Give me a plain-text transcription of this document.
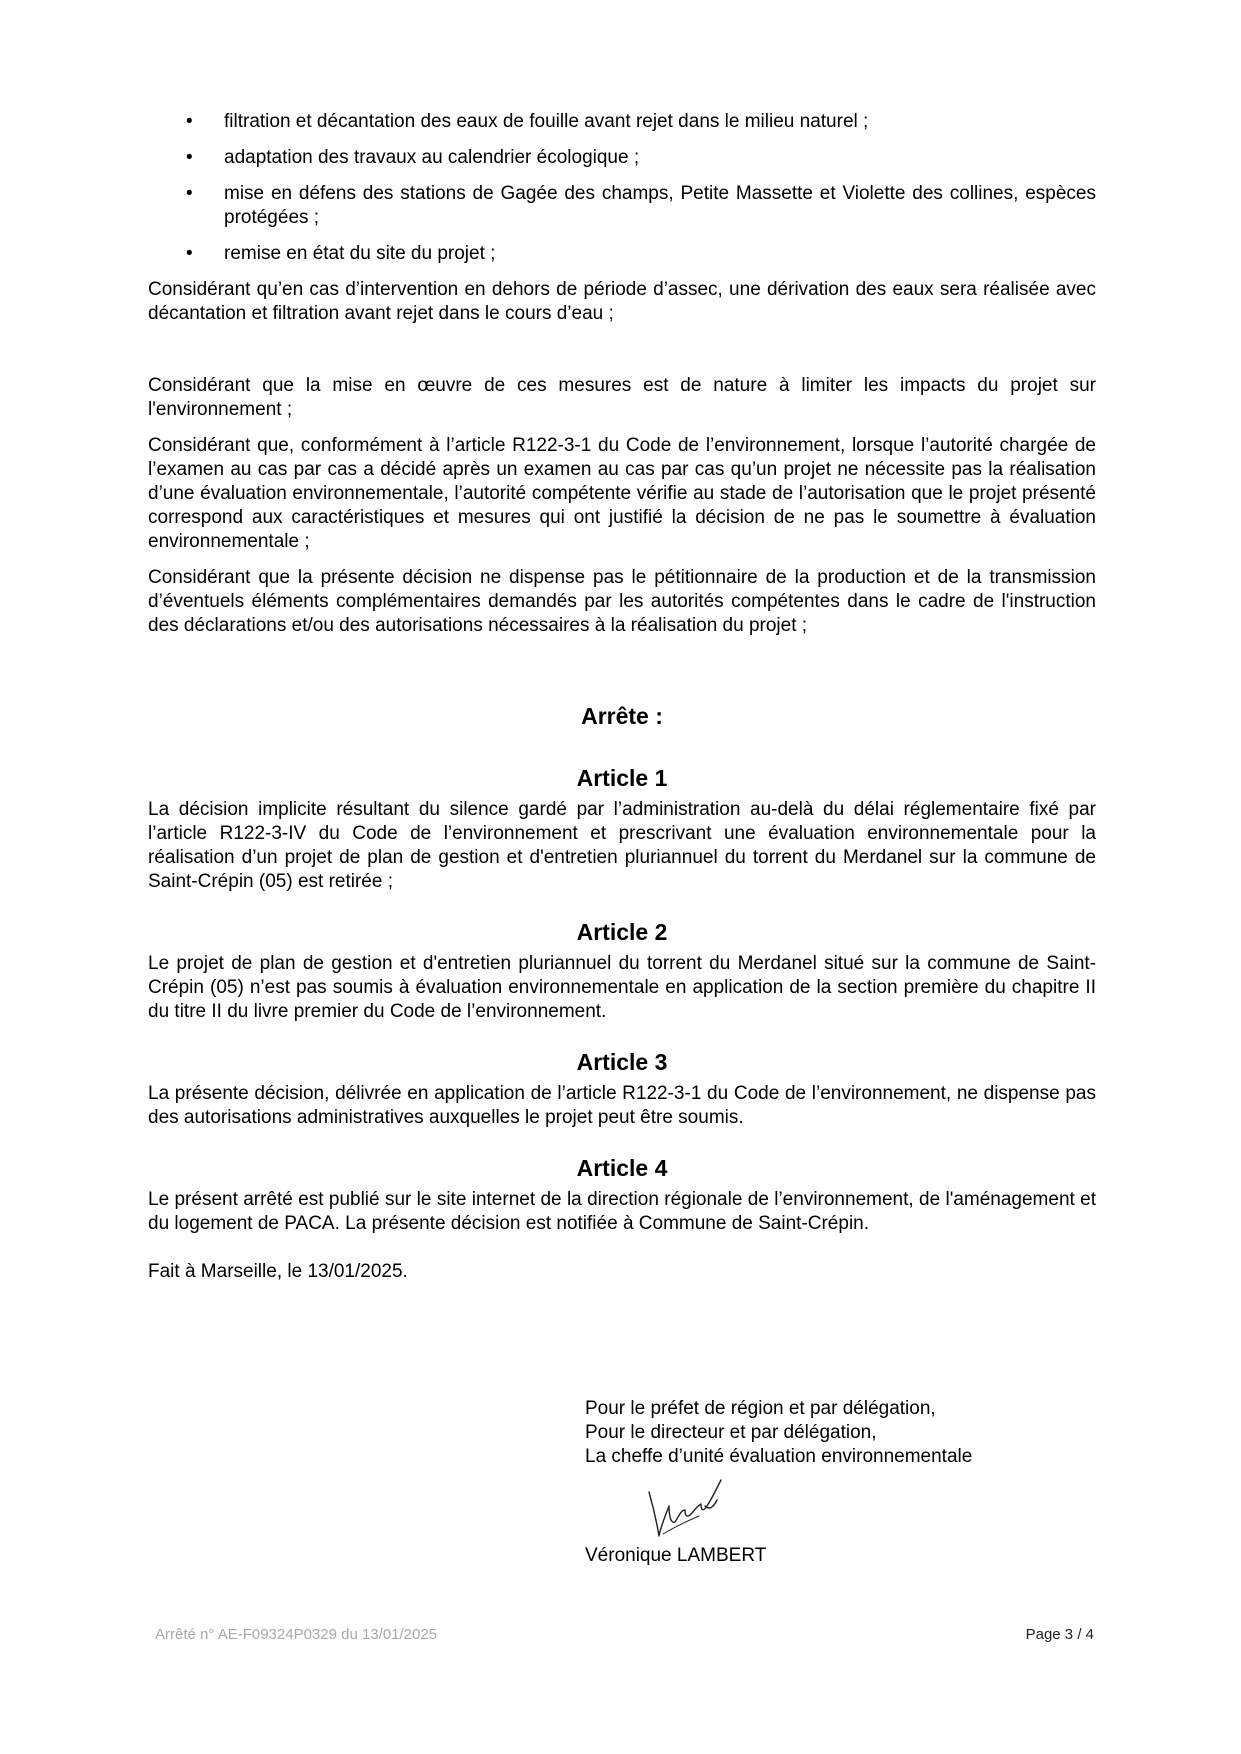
• filtration et décantation des eaux de fouille avant rejet dans le milieu naturel ;
• adaptation des travaux au calendrier écologique ;
• mise en défens des stations de Gagée des champs, Petite Massette et Violette des collines, espèces protégées ;
• remise en état du site du projet ;

Considérant qu’en cas d’intervention en dehors de période d’assec, une dérivation des eaux sera réalisée avec décantation et filtration avant rejet dans le cours d’eau ;

Considérant que la mise en œuvre de ces mesures est de nature à limiter les impacts du projet sur l'environnement ;

Considérant que, conformément à l’article R122-3-1 du Code de l’environnement, lorsque l’autorité chargée de l’examen au cas par cas a décidé après un examen au cas par cas qu’un projet ne nécessite pas la réalisation d’une évaluation environnementale, l’autorité compétente vérifie au stade de l’autorisation que le projet présenté correspond aux caractéristiques et mesures qui ont justifié la décision de ne pas le soumettre à évaluation environnementale ;

Considérant que la présente décision ne dispense pas le pétitionnaire de la production et de la transmission d’éventuels éléments complémentaires demandés par les autorités compétentes dans le cadre de l'instruction des déclarations et/ou des autorisations nécessaires à la réalisation du projet ;

Arrête :
Article 1

La décision implicite résultant du silence gardé par l’administration au-delà du délai réglementaire fixé par l’article R122-3-IV du Code de l’environnement et prescrivant une évaluation environnementale pour la réalisation d’un projet de plan de gestion et d'entretien pluriannuel du torrent du Merdanel sur la commune de Saint-Crépin (05) est retirée ;

Article 2

Le projet de plan de gestion et d'entretien pluriannuel du torrent du Merdanel situé sur la commune de Saint-Crépin (05) n’est pas soumis à évaluation environnementale en application de la section première du chapitre II du titre II du livre premier du Code de l’environnement.

Article 3

La présente décision, délivrée en application de l’article R122-3-1 du Code de l’environnement, ne dispense pas des autorisations administratives auxquelles le projet peut être soumis.

Article 4

Le présent arrêté est publié sur le site internet de la direction régionale de l’environnement, de l'aménagement et du logement de PACA. La présente décision est notifiée à Commune de Saint-Crépin.

Fait à Marseille, le 13/01/2025.

Pour le préfet de région et par délégation,
Pour le directeur et par délégation,
La cheffe d’unité évaluation environnementale
Véronique LAMBERT
Arrêté n° AE-F09324P0329 du 13/01/2025	Page 3 / 4
